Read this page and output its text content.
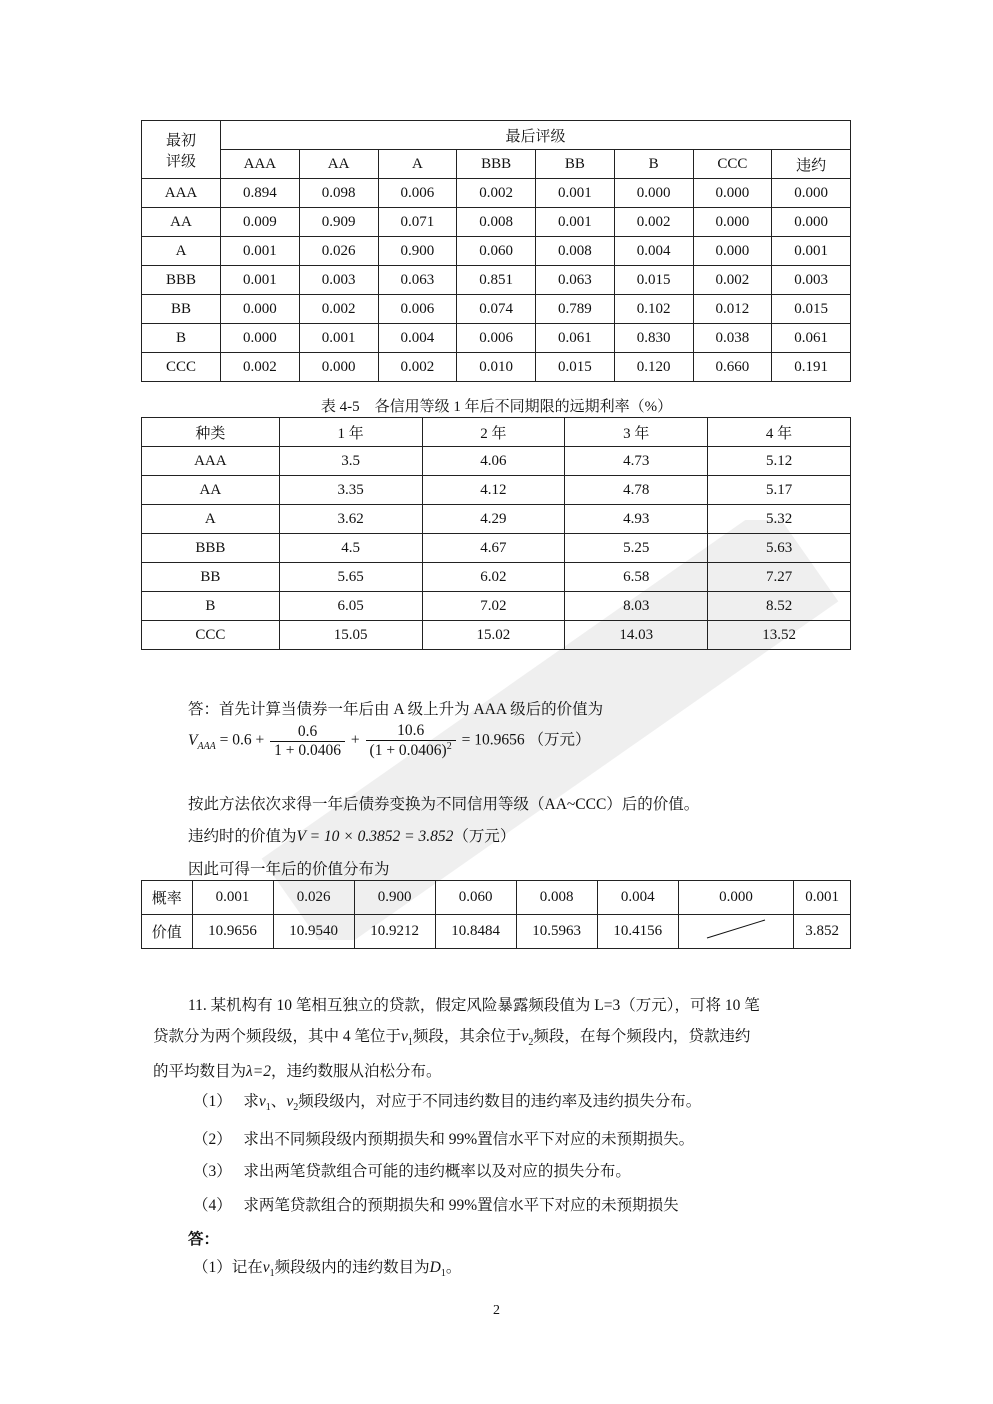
最初
评级	最后评级							
	AAA	AA	A	BBB	BB	B	CCC	违约
AAA	0.894	0.098	0.006	0.002	0.001	0.000	0.000	0.000
AA	0.009	0.909	0.071	0.008	0.001	0.002	0.000	0.000
A	0.001	0.026	0.900	0.060	0.008	0.004	0.000	0.001
BBB	0.001	0.003	0.063	0.851	0.063	0.015	0.002	0.003
BB	0.000	0.002	0.006	0.074	0.789	0.102	0.012	0.015
B	0.000	0.001	0.004	0.006	0.061	0.830	0.038	0.061
CCC	0.002	0.000	0.002	0.010	0.015	0.120	0.660	0.191
表 4-5　各信用等级 1 年后不同期限的远期利率（%）
种类	1 年	2 年	3 年	4 年
AAA	3.5	4.06	4.73	5.12
AA	3.35	4.12	4.78	5.17
A	3.62	4.29	4.93	5.32
BBB	4.5	4.67	5.25	5.63
BB	5.65	6.02	6.58	7.27
B	6.05	7.02	8.03	8.52
CCC	15.05	15.02	14.03	13.52
答：首先计算当债券一年后由 A 级上升为 AAA 级后的价值为
$V_{AAA} = 0.6 + \frac{0.6}{1 + 0.0406} + \frac{10.6}{(1 + 0.0406)^2} = 10.9656$ （万元）
按此方法依次求得一年后债券变换为不同信用等级（AA~CCC）后的价值。
违约时的价值为V = 10 × 0.3852 = 3.852（万元）
因此可得一年后的价值分布为
概率	0.001	0.026	0.900	0.060	0.008	0.004	0.000	0.001
价值	10.9656	10.9540	10.9212	10.8484	10.5963	10.4156		3.852
11. 某机构有 10 笔相互独立的贷款，假定风险暴露频段值为 L=3（万元），可将 10 笔
贷款分为两个频段级，其中 4 笔位于$v_1$频段，其余位于$v_2$频段，在每个频段内，贷款违约
的平均数目为λ=2，违约数服从泊松分布。
（1） 求$v_1$、$v_2$频段级内，对应于不同违约数目的违约率及违约损失分布。
（2） 求出不同频段级内预期损失和 99%置信水平下对应的未预期损失。
（3） 求出两笔贷款组合可能的违约概率以及对应的损失分布。
（4） 求两笔贷款组合的预期损失和 99%置信水平下对应的未预期损失
答：
（1）记在$v_1$频段级内的违约数目为$D_1$。
2
